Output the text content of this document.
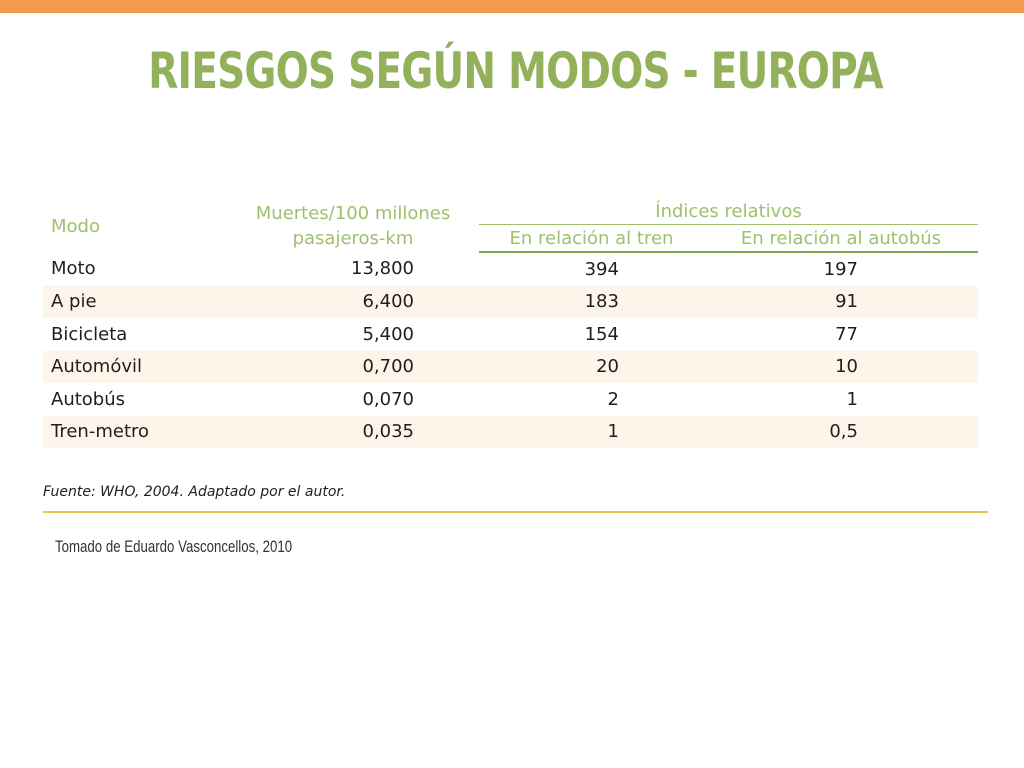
RIESGOS SEGÚN MODOS - EUROPA
Modo	Muertes/100 millones pasajeros-km	Índices relativos	
		En relación al tren	En relación al autobús
Moto	13,800	394	197
A pie	6,400	183	91
Bicicleta	5,400	154	77
Automóvil	0,700	20	10
Autobús	0,070	2	1
Tren-metro	0,035	1	0,5
Fuente: WHO, 2004. Adaptado por el autor.
Tomado de Eduardo Vasconcellos, 2010
